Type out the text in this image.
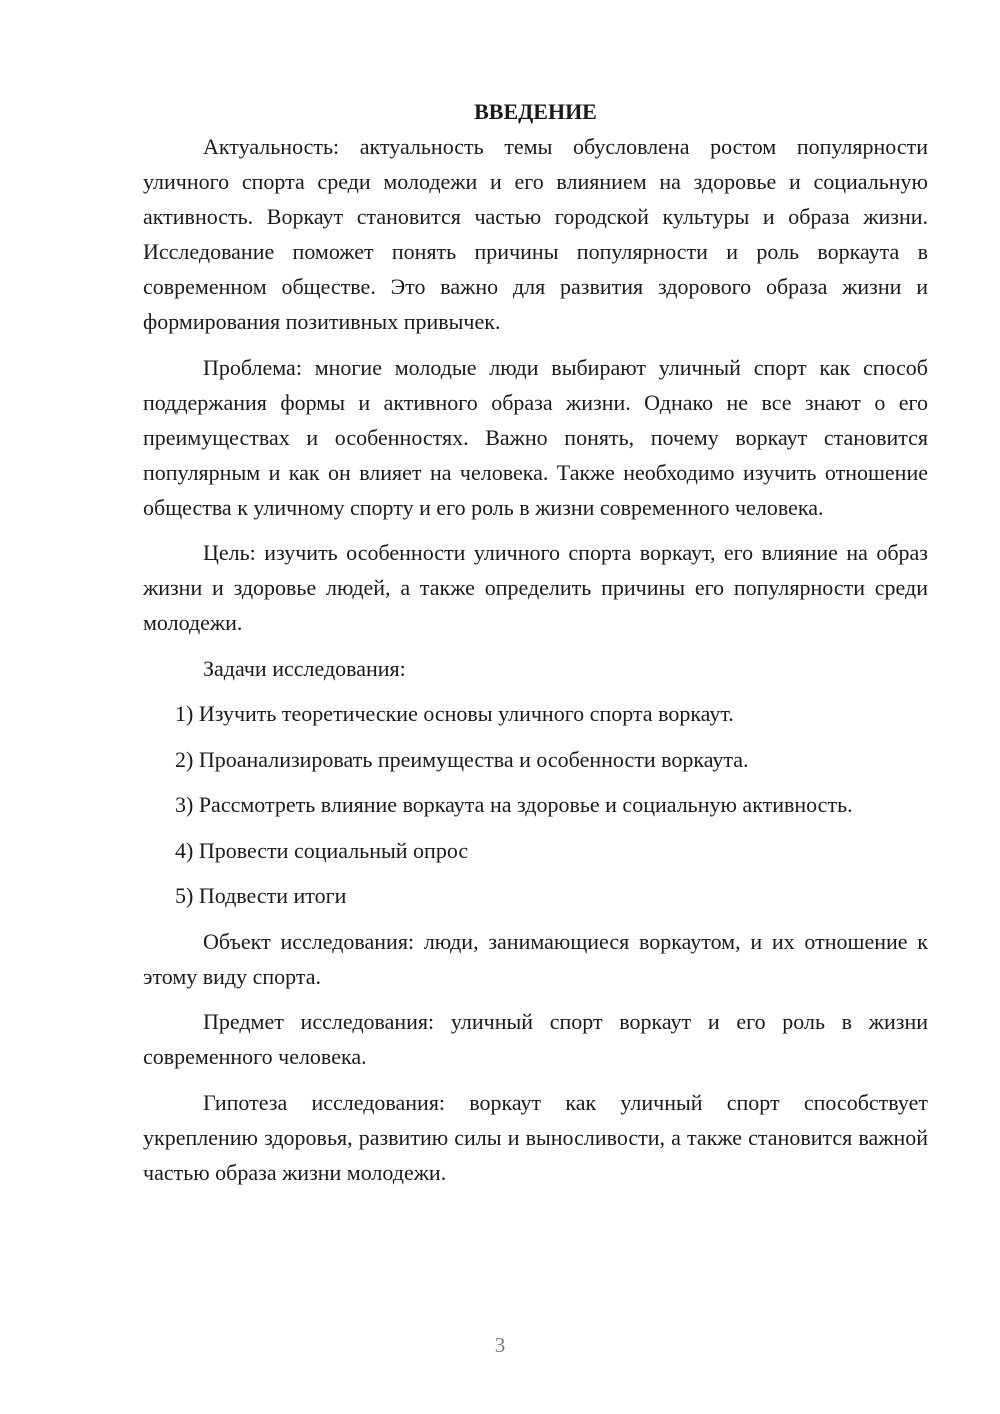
ВВЕДЕНИЕ

Актуальность: актуальность темы обусловлена ростом популярности уличного спорта среди молодежи и его влиянием на здоровье и социальную активность. Воркаут становится частью городской культуры и образа жизни. Исследование поможет понять причины популярности и роль воркаута в современном обществе. Это важно для развития здорового образа жизни и формирования позитивных привычек.

Проблема: многие молодые люди выбирают уличный спорт как способ поддержания формы и активного образа жизни. Однако не все знают о его преимуществах и особенностях. Важно понять, почему воркаут становится популярным и как он влияет на человека. Также необходимо изучить отношение общества к уличному спорту и его роль в жизни современного человека.

Цель: изучить особенности уличного спорта воркаут, его влияние на образ жизни и здоровье людей, а также определить причины его популярности среди молодежи.

Задачи исследования:

1) Изучить теоретические основы уличного спорта воркаут.

2) Проанализировать преимущества и особенности воркаута.

3) Рассмотреть влияние воркаута на здоровье и социальную активность.

4) Провести социальный опрос

5) Подвести итоги

Объект исследования: люди, занимающиеся воркаутом, и их отношение к этому виду спорта.

Предмет исследования: уличный спорт воркаут и его роль в жизни современного человека.

Гипотеза исследования: воркаут как уличный спорт способствует укреплению здоровья, развитию силы и выносливости, а также становится важной частью образа жизни молодежи.

3
